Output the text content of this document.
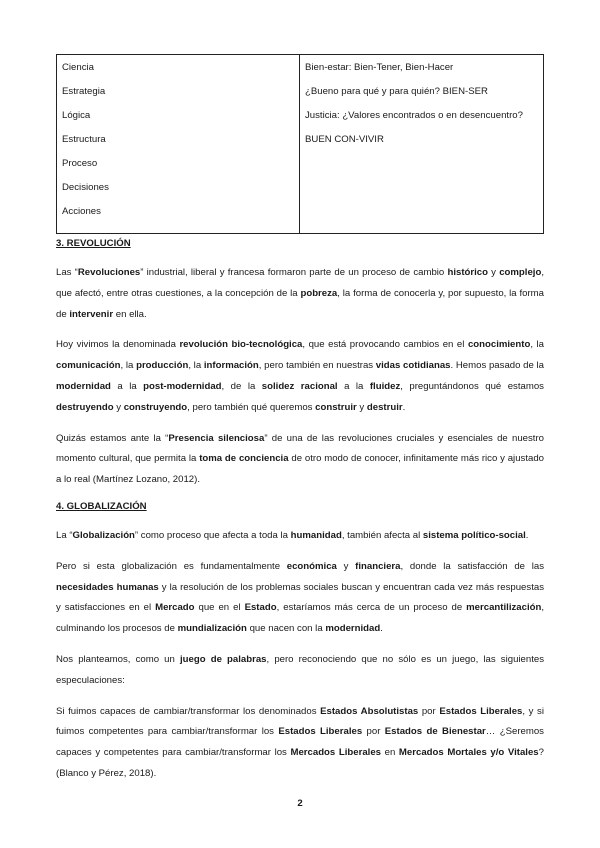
Ciencia
Estrategia
Lógica
Estructura
Proceso
Decisiones
Acciones

Bien-estar: Bien-Tener, Bien-Hacer
¿Bueno para qué y para quién? BIEN-SER
Justicia: ¿Valores encontrados o en desencuentro?
BUEN CON-VIVIR
3. REVOLUCIÓN

Las “Revoluciones” industrial, liberal y francesa formaron parte de un proceso de cambio histórico y complejo, que afectó, entre otras cuestiones, a la concepción de la pobreza, la forma de conocerla y, por supuesto, la forma de intervenir en ella.

Hoy vivimos la denominada revolución bio-tecnológica, que está provocando cambios en el conocimiento, la comunicación, la producción, la información, pero también en nuestras vidas cotidianas. Hemos pasado de la modernidad a la post-modernidad, de la solidez racional a la fluidez, preguntándonos qué estamos destruyendo y construyendo, pero también qué queremos construir y destruir.

Quizás estamos ante la “Presencia silenciosa” de una de las revoluciones cruciales y esenciales de nuestro momento cultural, que permita la toma de conciencia de otro modo de conocer, infinitamente más rico y ajustado a lo real (Martínez Lozano, 2012).

4. GLOBALIZACIÓN

La “Globalización” como proceso que afecta a toda la humanidad, también afecta al sistema político-social.

Pero si esta globalización es fundamentalmente económica y financiera, donde la satisfacción de las necesidades humanas y la resolución de los problemas sociales buscan y encuentran cada vez más respuestas y satisfacciones en el Mercado que en el Estado, estaríamos más cerca de un proceso de mercantilización, culminando los procesos de mundialización que nacen con la modernidad.

Nos planteamos, como un juego de palabras, pero reconociendo que no sólo es un juego, las siguientes especulaciones:

Si fuimos capaces de cambiar/transformar los denominados Estados Absolutistas por Estados Liberales, y si fuimos competentes para cambiar/transformar los Estados Liberales por Estados de Bienestar… ¿Seremos capaces y competentes para cambiar/transformar los Mercados Liberales en Mercados Mortales y/o Vitales? (Blanco y Pérez, 2018).

2
